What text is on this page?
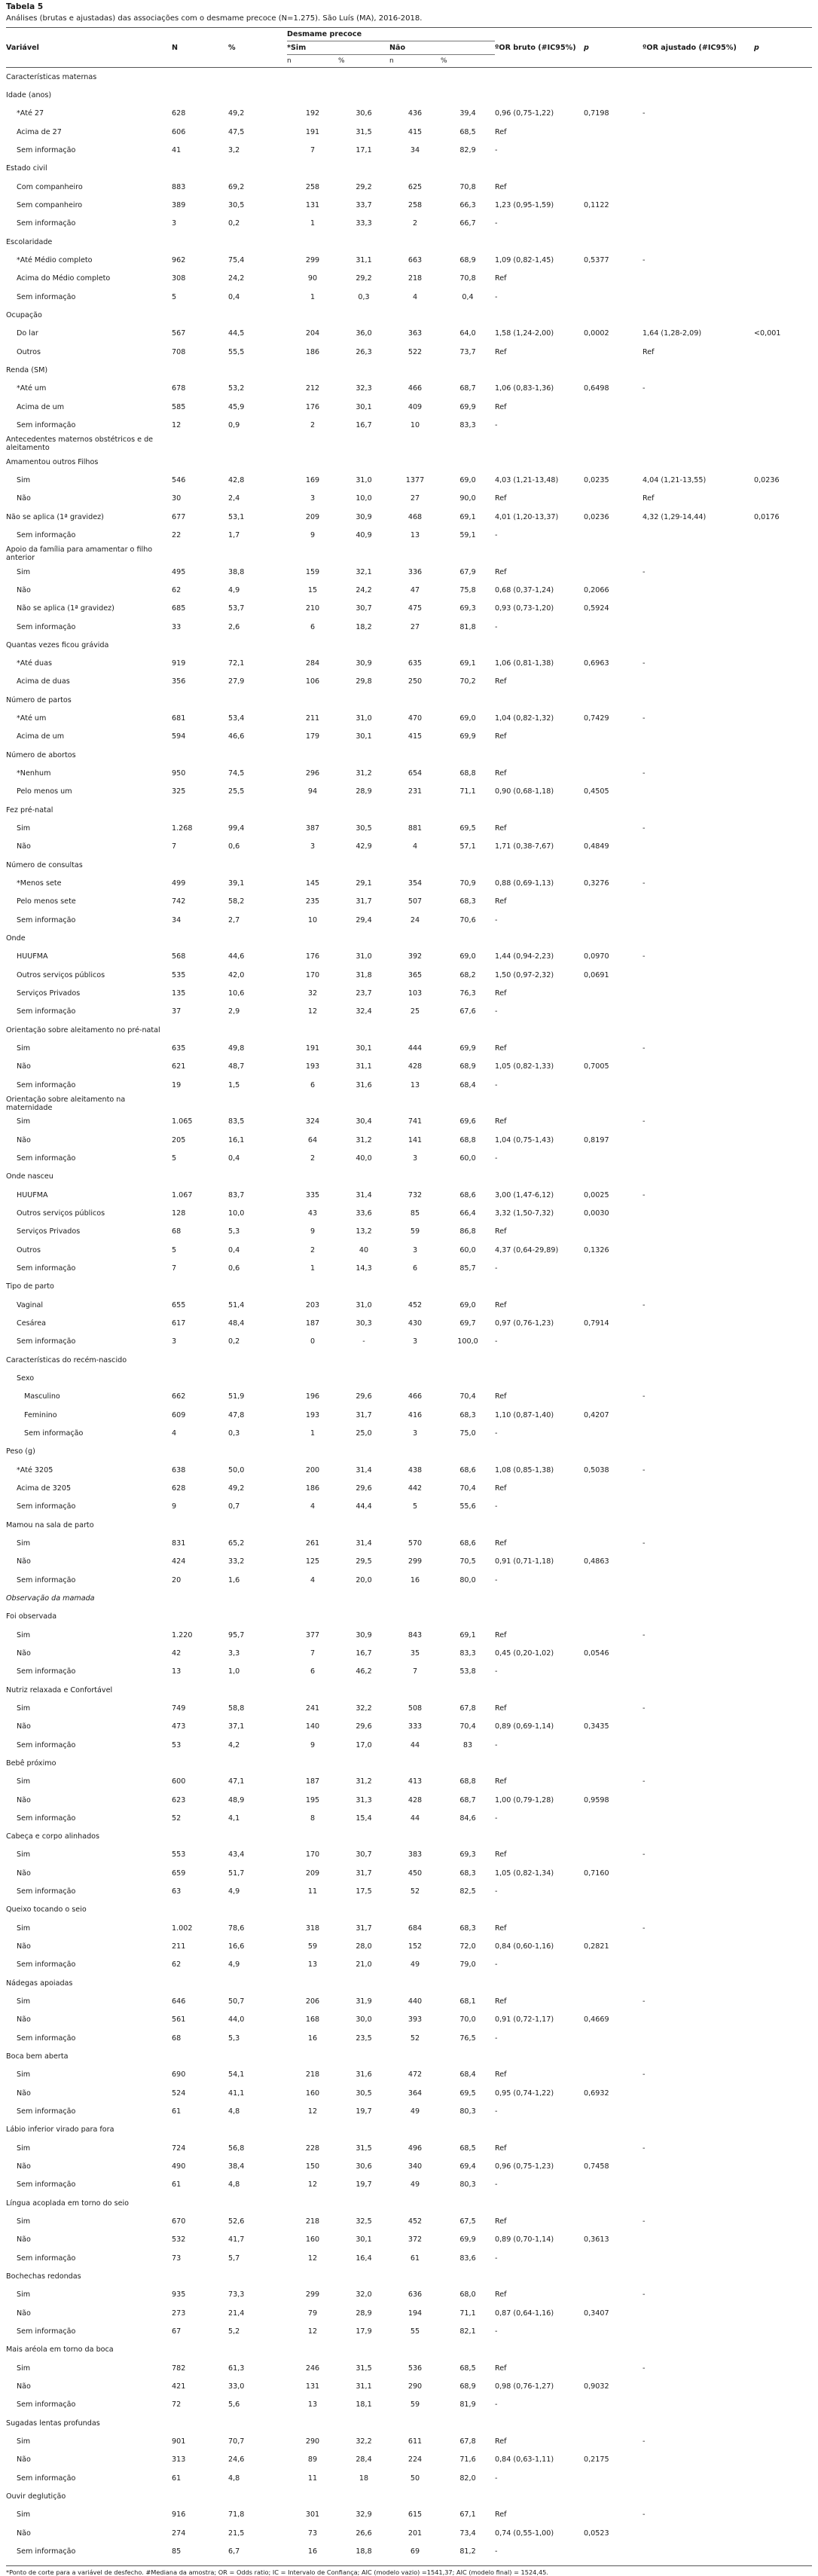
Tabela 5
Análises (brutas e ajustadas) das associações com o desmame precoce (N=1.275). São Luís (MA), 2016-2018.
			Desmame precoce							
Variável	N	%	*Sim		Não		ºOR bruto (#IC95%)	p	ºOR ajustado (#IC95%)	p
			n	%	n	%				
Características maternas										
Idade (anos)										
*Até 27	628	49,2	192	30,6	436	39,4	0,96 (0,75-1,22)	0,7198	-	
Acima de 27	606	47,5	191	31,5	415	68,5	Ref			
Sem informação	41	3,2	7	17,1	34	82,9	-			
Estado civil										
Com companheiro	883	69,2	258	29,2	625	70,8	Ref			
Sem companheiro	389	30,5	131	33,7	258	66,3	1,23 (0,95-1,59)	0,1122		
Sem informação	3	0,2	1	33,3	2	66,7	-			
Escolaridade										
*Até Médio completo	962	75,4	299	31,1	663	68,9	1,09 (0,82-1,45)	0,5377	-	
Acima do Médio completo	308	24,2	90	29,2	218	70,8	Ref			
Sem informação	5	0,4	1	0,3	4	0,4	-			
Ocupação										
Do lar	567	44,5	204	36,0	363	64,0	1,58 (1,24-2,00)	0,0002	1,64 (1,28-2,09)	<0,001
Outros	708	55,5	186	26,3	522	73,7	Ref		Ref	
Renda (SM)										
*Até um	678	53,2	212	32,3	466	68,7	1,06 (0,83-1,36)	0,6498	-	
Acima de um	585	45,9	176	30,1	409	69,9	Ref			
Sem informação	12	0,9	2	16,7	10	83,3	-			
Antecedentes maternos obstétricos e de aleitamento										
Amamentou outros Filhos										
Sim	546	42,8	169	31,0	1377	69,0	4,03 (1,21-13,48)	0,0235	4,04 (1,21-13,55)	0,0236
Não	30	2,4	3	10,0	27	90,0	Ref		Ref	
Não se aplica (1ª gravidez)	677	53,1	209	30,9	468	69,1	4,01 (1,20-13,37)	0,0236	4,32 (1,29-14,44)	0,0176
Sem informação	22	1,7	9	40,9	13	59,1	-			
Apoio da família para amamentar o filho anterior										
Sim	495	38,8	159	32,1	336	67,9	Ref		-	
Não	62	4,9	15	24,2	47	75,8	0,68 (0,37-1,24)	0,2066		
Não se aplica (1ª gravidez)	685	53,7	210	30,7	475	69,3	0,93 (0,73-1,20)	0,5924		
Sem informação	33	2,6	6	18,2	27	81,8	-			
Quantas vezes ficou grávida										
*Até duas	919	72,1	284	30,9	635	69,1	1,06 (0,81-1,38)	0,6963	-	
Acima de duas	356	27,9	106	29,8	250	70,2	Ref			
Número de partos										
*Até um	681	53,4	211	31,0	470	69,0	1,04 (0,82-1,32)	0,7429	-	
Acima de um	594	46,6	179	30,1	415	69,9	Ref			
Número de abortos										
*Nenhum	950	74,5	296	31,2	654	68,8	Ref		-	
Pelo menos um	325	25,5	94	28,9	231	71,1	0,90 (0,68-1,18)	0,4505		
Fez pré-natal										
Sim	1.268	99,4	387	30,5	881	69,5	Ref		-	
Não	7	0,6	3	42,9	4	57,1	1,71 (0,38-7,67)	0,4849		
Número de consultas										
*Menos sete	499	39,1	145	29,1	354	70,9	0,88 (0,69-1,13)	0,3276	-	
Pelo menos sete	742	58,2	235	31,7	507	68,3	Ref			
Sem informação	34	2,7	10	29,4	24	70,6	-			
Onde										
HUUFMA	568	44,6	176	31,0	392	69,0	1,44 (0,94-2,23)	0,0970	-	
Outros serviços públicos	535	42,0	170	31,8	365	68,2	1,50 (0,97-2,32)	0,0691		
Serviços Privados	135	10,6	32	23,7	103	76,3	Ref			
Sem informação	37	2,9	12	32,4	25	67,6	-			
Orientação sobre aleitamento no pré-natal										
Sim	635	49,8	191	30,1	444	69,9	Ref		-	
Não	621	48,7	193	31,1	428	68,9	1,05 (0,82-1,33)	0,7005		
Sem informação	19	1,5	6	31,6	13	68,4	-			
Orientação sobre aleitamento na maternidade										
Sim	1.065	83,5	324	30,4	741	69,6	Ref		-	
Não	205	16,1	64	31,2	141	68,8	1,04 (0,75-1,43)	0,8197		
Sem informação	5	0,4	2	40,0	3	60,0	-			
Onde nasceu										
HUUFMA	1.067	83,7	335	31,4	732	68,6	3,00 (1,47-6,12)	0,0025	-	
Outros serviços públicos	128	10,0	43	33,6	85	66,4	3,32 (1,50-7,32)	0,0030		
Serviços Privados	68	5,3	9	13,2	59	86,8	Ref			
Outros	5	0,4	2	40	3	60,0	4,37 (0,64-29,89)	0,1326		
Sem informação	7	0,6	1	14,3	6	85,7	-			
Tipo de parto										
Vaginal	655	51,4	203	31,0	452	69,0	Ref		-	
Cesárea	617	48,4	187	30,3	430	69,7	0,97 (0,76-1,23)	0,7914		
Sem informação	3	0,2	0	-	3	100,0	-			
Características do recém-nascido										
Sexo										
Masculino	662	51,9	196	29,6	466	70,4	Ref		-	
Feminino	609	47,8	193	31,7	416	68,3	1,10 (0,87-1,40)	0,4207		
Sem informação	4	0,3	1	25,0	3	75,0	-			
Peso (g)										
*Até 3205	638	50,0	200	31,4	438	68,6	1,08 (0,85-1,38)	0,5038	-	
Acima de 3205	628	49,2	186	29,6	442	70,4	Ref			
Sem informação	9	0,7	4	44,4	5	55,6	-			
Mamou na sala de parto										
Sim	831	65,2	261	31,4	570	68,6	Ref		-	
Não	424	33,2	125	29,5	299	70,5	0,91 (0,71-1,18)	0,4863		
Sem informação	20	1,6	4	20,0	16	80,0	-			
Observação da mamada										
Foi observada										
Sim	1.220	95,7	377	30,9	843	69,1	Ref		-	
Não	42	3,3	7	16,7	35	83,3	0,45 (0,20-1,02)	0,0546		
Sem informação	13	1,0	6	46,2	7	53,8	-			
Nutriz relaxada e Confortável										
Sim	749	58,8	241	32,2	508	67,8	Ref		-	
Não	473	37,1	140	29,6	333	70,4	0,89 (0,69-1,14)	0,3435		
Sem informação	53	4,2	9	17,0	44	83	-			
Bebê próximo										
Sim	600	47,1	187	31,2	413	68,8	Ref		-	
Não	623	48,9	195	31,3	428	68,7	1,00 (0,79-1,28)	0,9598		
Sem informação	52	4,1	8	15,4	44	84,6	-			
Cabeça e corpo alinhados										
Sim	553	43,4	170	30,7	383	69,3	Ref		-	
Não	659	51,7	209	31,7	450	68,3	1,05 (0,82-1,34)	0,7160		
Sem informação	63	4,9	11	17,5	52	82,5	-			
Queixo tocando o seio										
Sim	1.002	78,6	318	31,7	684	68,3	Ref		-	
Não	211	16,6	59	28,0	152	72,0	0,84 (0,60-1,16)	0,2821		
Sem informação	62	4,9	13	21,0	49	79,0	-			
Nádegas apoiadas										
Sim	646	50,7	206	31,9	440	68,1	Ref		-	
Não	561	44,0	168	30,0	393	70,0	0,91 (0,72-1,17)	0,4669		
Sem informação	68	5,3	16	23,5	52	76,5	-			
Boca bem aberta										
Sim	690	54,1	218	31,6	472	68,4	Ref		-	
Não	524	41,1	160	30,5	364	69,5	0,95 (0,74-1,22)	0,6932		
Sem informação	61	4,8	12	19,7	49	80,3	-			
Lábio inferior virado para fora										
Sim	724	56,8	228	31,5	496	68,5	Ref		-	
Não	490	38,4	150	30,6	340	69,4	0,96 (0,75-1,23)	0,7458		
Sem informação	61	4,8	12	19,7	49	80,3	-			
Língua acoplada em torno do seio										
Sim	670	52,6	218	32,5	452	67,5	Ref		-	
Não	532	41,7	160	30,1	372	69,9	0,89 (0,70-1,14)	0,3613		
Sem informação	73	5,7	12	16,4	61	83,6	-			
Bochechas redondas										
Sim	935	73,3	299	32,0	636	68,0	Ref		-	
Não	273	21,4	79	28,9	194	71,1	0,87 (0,64-1,16)	0,3407		
Sem informação	67	5,2	12	17,9	55	82,1	-			
Mais aréola em torno da boca										
Sim	782	61,3	246	31,5	536	68,5	Ref		-	
Não	421	33,0	131	31,1	290	68,9	0,98 (0,76-1,27)	0,9032		
Sem informação	72	5,6	13	18,1	59	81,9	-			
Sugadas lentas profundas										
Sim	901	70,7	290	32,2	611	67,8	Ref		-	
Não	313	24,6	89	28,4	224	71,6	0,84 (0,63-1,11)	0,2175		
Sem informação	61	4,8	11	18	50	82,0	-			
Ouvir deglutição										
Sim	916	71,8	301	32,9	615	67,1	Ref		-	
Não	274	21,5	73	26,6	201	73,4	0,74 (0,55-1,00)	0,0523		
Sem informação	85	6,7	16	18,8	69	81,2	-			
*Ponto de corte para a variável de desfecho. #Mediana da amostra; OR = Odds ratio; IC = Intervalo de Confiança; AIC (modelo vazio) =1541,37; AIC (modelo final) = 1524,45.
